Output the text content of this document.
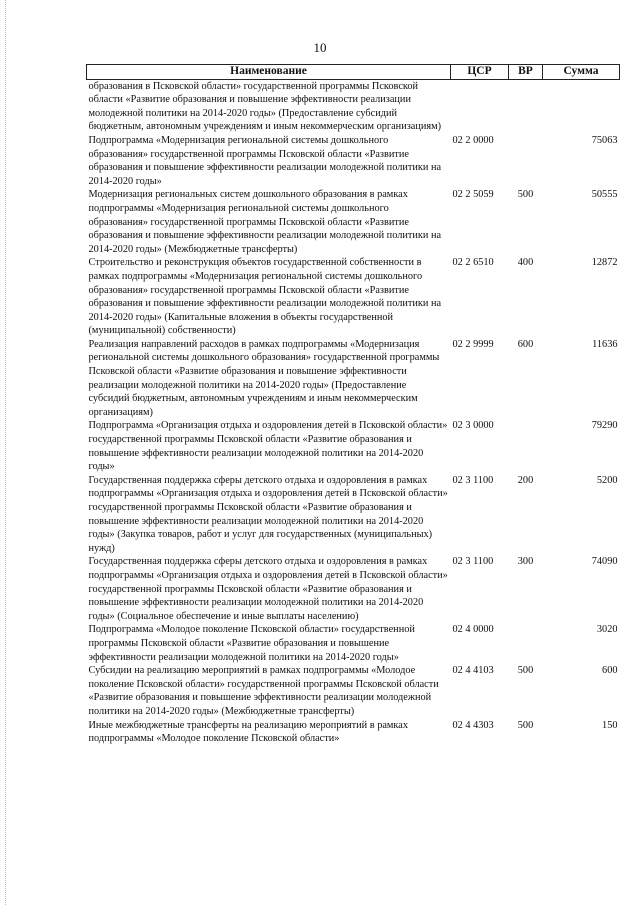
10
Наименование	ЦСР	ВР	Сумма
образования в Псковской области» государственной программы Псковской области «Развитие образования и повышение эффективности реализации молодежной политики на 2014-2020 годы» (Предоставление субсидий бюджетным, автономным учреждениям и иным некоммерческим организациям)			
Подпрограмма «Модернизация региональной системы дошкольного образования» государственной программы Псковской области «Развитие образования и повышение эффективности реализации молодежной политики на 2014-2020 годы»	02 2 0000		75063
Модернизация региональных систем дошкольного образования в рамках подпрограммы «Модернизация региональной системы дошкольного образования» государственной программы Псковской области «Развитие образования и повышение эффективности реализации молодежной политики на 2014-2020 годы» (Межбюджетные трансферты)	02 2 5059	500	50555
Строительство и реконструкция объектов государственной собственности в рамках подпрограммы «Модернизация региональной системы дошкольного образования» государственной программы Псковской области «Развитие образования и повышение эффективности реализации молодежной политики на 2014-2020 годы» (Капитальные вложения в объекты государственной (муниципальной) собственности)	02 2 6510	400	12872
Реализация направлений расходов в рамках подпрограммы «Модернизация региональной системы дошкольного образования» государственной программы Псковской области «Развитие образования и повышение эффективности реализации молодежной политики на 2014-2020 годы» (Предоставление субсидий бюджетным, автономным учреждениям и иным некоммерческим организациям)	02 2 9999	600	11636
Подпрограмма «Организация отдыха и оздоровления детей в Псковской области» государственной программы Псковской области «Развитие образования и повышение эффективности реализации молодежной политики на 2014-2020 годы»	02 3 0000		79290
Государственная поддержка сферы детского отдыха и оздоровления в рамках подпрограммы «Организация отдыха и оздоровления детей в Псковской области» государственной программы Псковской области «Развитие образования и повышение эффективности реализации молодежной политики на 2014-2020 годы» (Закупка товаров, работ и услуг для государственных (муниципальных) нужд)	02 3 1100	200	5200
Государственная поддержка сферы детского отдыха и оздоровления в рамках подпрограммы «Организация отдыха и оздоровления детей в Псковской области» государственной программы Псковской области «Развитие образования и повышение эффективности реализации молодежной политики на 2014-2020 годы» (Социальное обеспечение и иные выплаты населению)	02 3 1100	300	74090
Подпрограмма «Молодое поколение Псковской области» государственной программы Псковской области «Развитие образования и повышение эффективности реализации молодежной политики на 2014-2020 годы»	02 4 0000		3020
Субсидии на реализацию мероприятий в рамках подпрограммы «Молодое поколение Псковской области» государственной программы Псковской области «Развитие образования и повышение эффективности реализации молодежной политики на 2014-2020 годы» (Межбюджетные трансферты)	02 4 4103	500	600
Иные межбюджетные трансферты на реализацию мероприятий в рамках подпрограммы «Молодое поколение Псковской области»	02 4 4303	500	150
